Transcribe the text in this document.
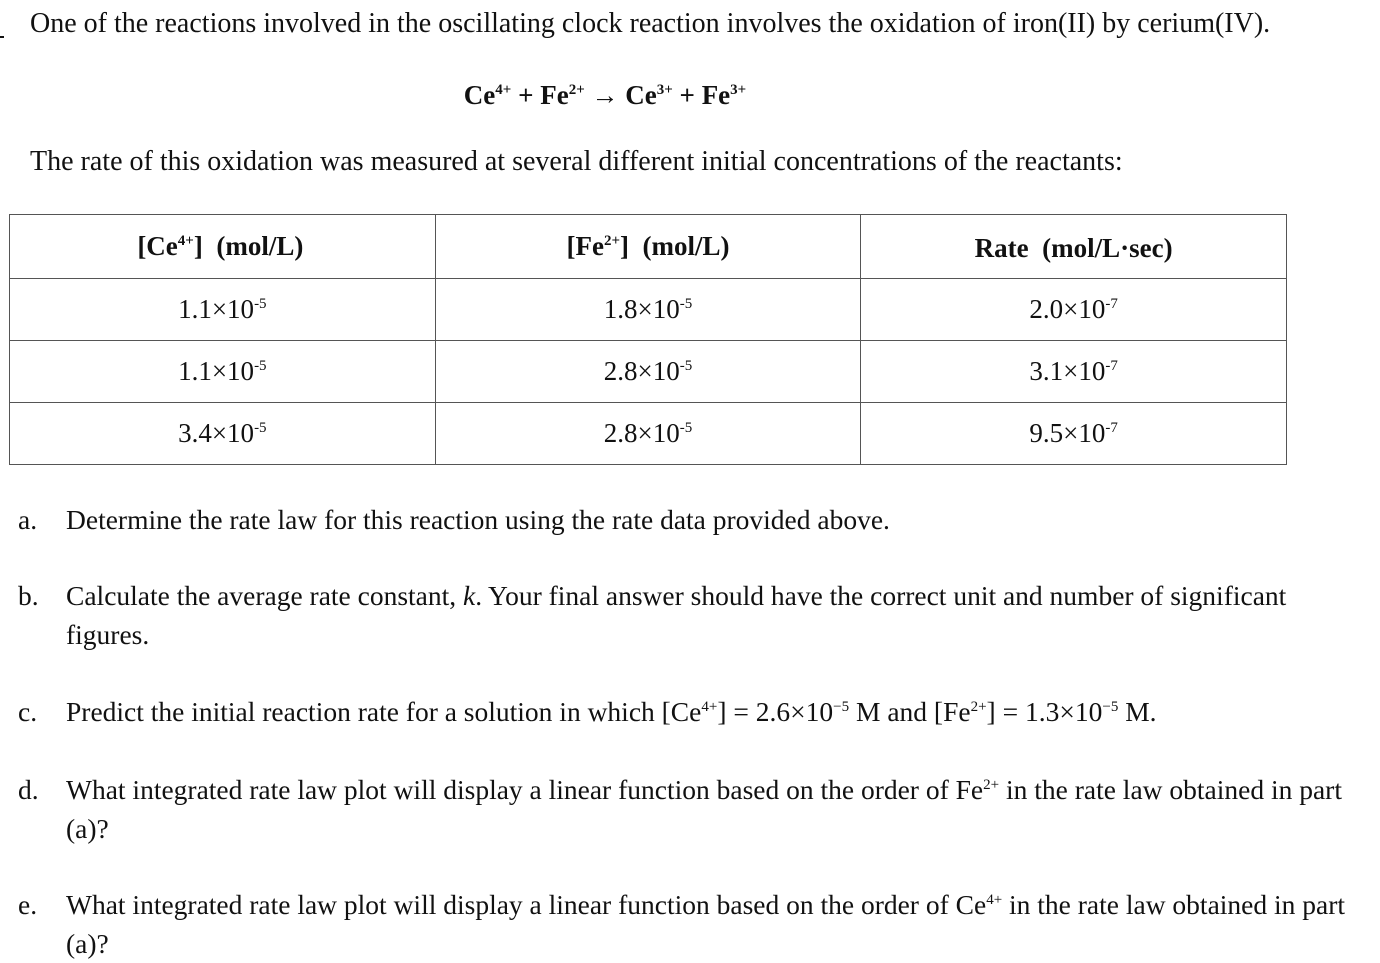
One of the reactions involved in the oscillating clock reaction involves the oxidation of iron(II) by cerium(IV).
$Ce^{4+} + Fe^{2+} \to Ce^{3+} + Fe^{3+}$
The rate of this oxidation was measured at several different initial concentrations of the reactants:
$[Ce^{4+}]$  (mol/L)	$[Fe^{2+}]$  (mol/L)	Rate  (mol/L·sec)
$1.1\times 10^{-5}$	$1.8\times 10^{-5}$	$2.0\times 10^{-7}$
$1.1\times 10^{-5}$	$2.8\times 10^{-5}$	$3.1\times 10^{-7}$
$3.4\times 10^{-5}$	$2.8\times 10^{-5}$	$9.5\times 10^{-7}$
a. Determine the rate law for this reaction using the rate data provided above.
b. Calculate the average rate constant, k. Your final answer should have the correct unit and number of significant figures.
c. Predict the initial reaction rate for a solution in which $[Ce^{4+}] = 2.6\times 10^{-5}$ M and $[Fe^{2+}] = 1.3\times 10^{-5}$ M.
d. What integrated rate law plot will display a linear function based on the order of $Fe^{2+}$ in the rate law obtained in part (a)?
e. What integrated rate law plot will display a linear function based on the order of $Ce^{4+}$ in the rate law obtained in part (a)?
